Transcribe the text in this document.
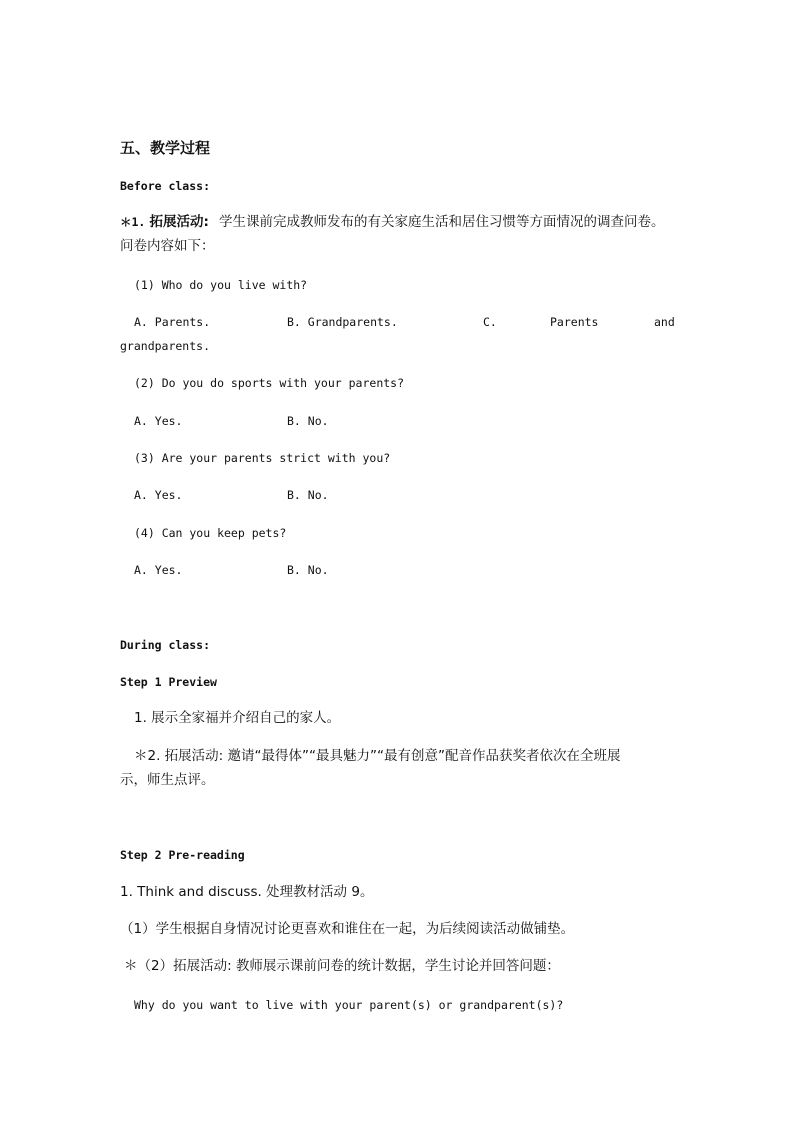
五、教学过程
Before class:
＊1. 拓展活动: 学生课前完成教师发布的有关家庭生活和居住习惯等方面情况的调查问卷。
问卷内容如下：
(1) Who do you live with?
A. Parents.	B. Grandparents.	C.	Parents	and
grandparents.
(2) Do you do sports with your parents?
A. Yes.	B. No.
(3) Are your parents strict with you?
A. Yes.	B. No.
(4) Can you keep pets?
A. Yes.	B. No.
During class:
Step 1 Preview
1. 展示全家福并介绍自己的家人。
＊2. 拓展活动: 邀请“最得体”“最具魅力”“最有创意”配音作品获奖者依次在全班展
示，师生点评。
Step 2 Pre-reading
1. Think and discuss. 处理教材活动 9。
（1）学生根据自身情况讨论更喜欢和谁住在一起，为后续阅读活动做铺垫。
＊（2）拓展活动: 教师展示课前问卷的统计数据，学生讨论并回答问题：
Why do you want to live with your parent(s) or grandparent(s)?
